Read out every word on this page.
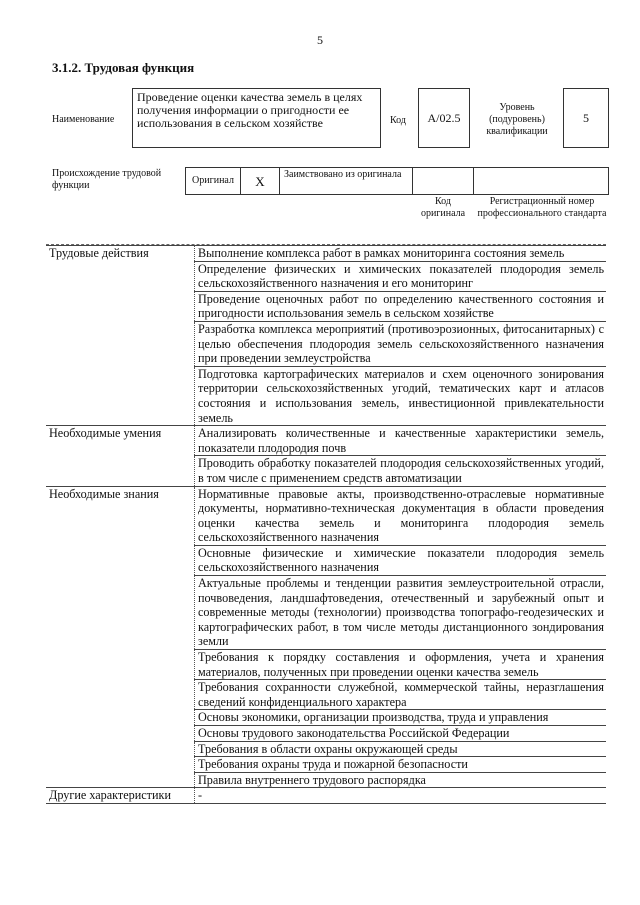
5
3.1.2. Трудовая функция
Наименование
Проведение оценки качества земель в целях получения информации о пригодности ее использования в сельском хозяйстве	Код А/02.5
Уровень (подуровень) квалификации
5
Происхождение трудовой функции	Оригинал X	Заимствовано из оригинала
Код оригинала
Регистрационный номер профессионального стандарта
Трудовые действия	Выполнение комплекса работ в рамках мониторинга состояния земель
	Определение физических и химических показателей плодородия земель сельскохозяйственного назначения и его мониторинг
	Проведение оценочных работ по определению качественного состояния и пригодности использования земель в сельском хозяйстве
	Разработка комплекса мероприятий (противоэрозионных, фитосанитарных) с целью обеспечения плодородия земель сельскохозяйственного назначения при проведении землеустройства
	Подготовка картографических материалов и схем оценочного зонирования территории сельскохозяйственных угодий, тематических карт и атласов состояния и использования земель, инвестиционной привлекательности земель
Необходимые умения	Анализировать количественные и качественные характеристики земель, показатели плодородия почв
	Проводить обработку показателей плодородия сельскохозяйственных угодий, в том числе с применением средств автоматизации
Необходимые знания	Нормативные правовые акты, производственно-отраслевые нормативные документы, нормативно-техническая документация в области проведения оценки качества земель и мониторинга плодородия земель сельскохозяйственного назначения
	Основные физические и химические показатели плодородия земель сельскохозяйственного назначения
	Актуальные проблемы и тенденции развития землеустроительной отрасли, почвоведения, ландшафтоведения, отечественный и зарубежный опыт и современные методы (технологии) производства топографо-геодезических и картографических работ, в том числе методы дистанционного зондирования земли
	Требования к порядку составления и оформления, учета и хранения материалов, полученных при проведении оценки качества земель
	Требования сохранности служебной, коммерческой тайны, неразглашения сведений конфиденциального характера
	Основы экономики, организации производства, труда и управления
	Основы трудового законодательства Российской Федерации
	Требования в области охраны окружающей среды
	Требования охраны труда и пожарной безопасности
	Правила внутреннего трудового распорядка
Другие характеристики	-
